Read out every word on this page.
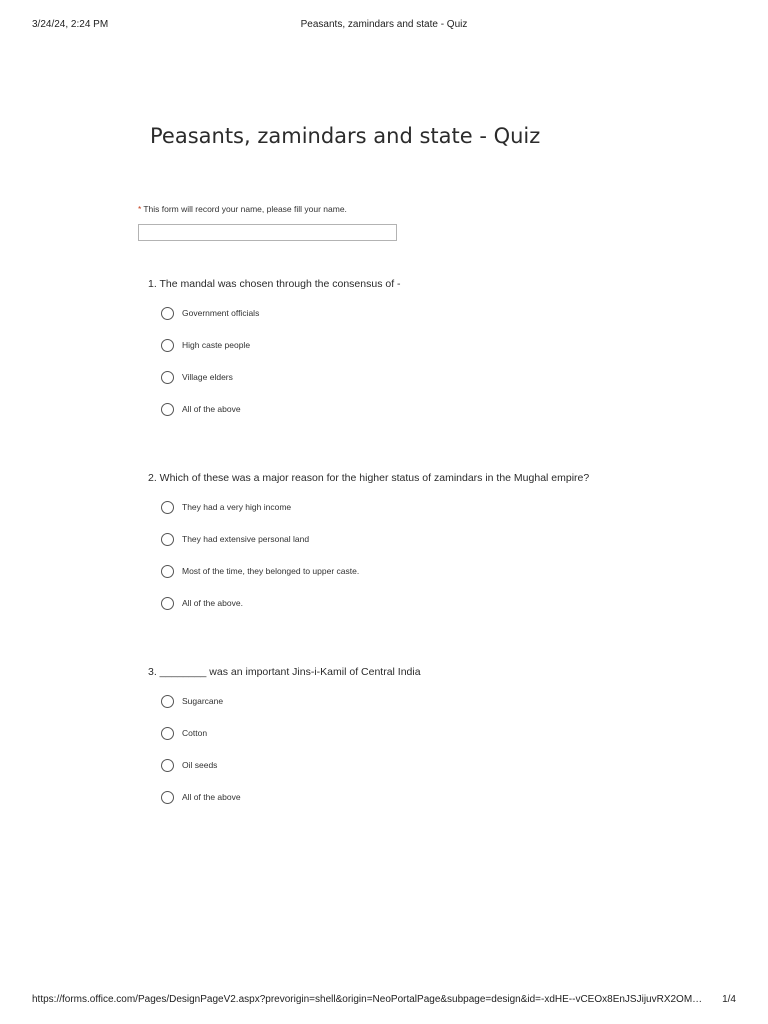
3/24/24, 2:24 PM	Peasants, zamindars and state - Quiz
Peasants, zamindars and state - Quiz
* This form will record your name, please fill your name.
1. The mandal was chosen through the consensus of -
Government officials
High caste people
Village elders
All of the above
2. Which of these was a major reason for the higher status of zamindars in the Mughal empire?
They had a very high income
They had extensive personal land
Most of the time, they belonged to upper caste.
All of the above.
3. ________ was an important Jins-i-Kamil of Central India
Sugarcane
Cotton
Oil seeds
All of the above
https://forms.office.com/Pages/DesignPageV2.aspx?prevorigin=shell&origin=NeoPortalPage&subpage=design&id=-xdHE--vCEOx8EnJSJijuvRX2OM…	1/4
